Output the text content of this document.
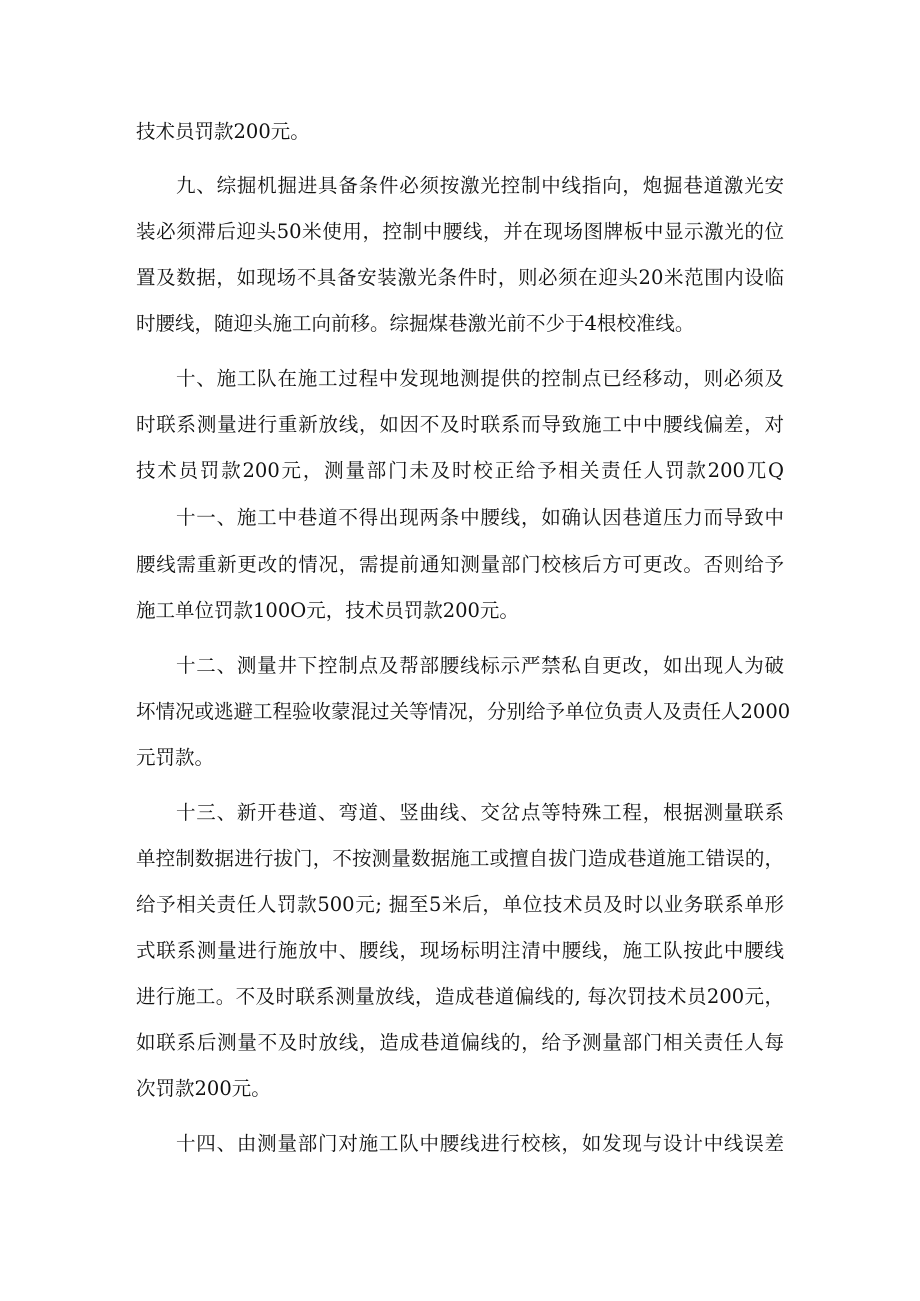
技术员罚款200元。
九、综掘机掘进具备条件必须按激光控制中线指向，炮掘巷道激光安
装必须滞后迎头50米使用，控制中腰线，并在现场图牌板中显示激光的位
置及数据，如现场不具备安装激光条件时，则必须在迎头20米范围内设临
时腰线，随迎头施工向前移。综掘煤巷激光前不少于4根校准线。
十、施工队在施工过程中发现地测提供的控制点已经移动，则必须及
时联系测量进行重新放线，如因不及时联系而导致施工中中腰线偏差，对
技术员罚款200元，测量部门未及时校正给予相关责任人罚款200兀Q
十一、施工中巷道不得出现两条中腰线，如确认因巷道压力而导致中
腰线需重新更改的情况，需提前通知测量部门校核后方可更改。否则给予
施工单位罚款100O元，技术员罚款200元。
十二、测量井下控制点及帮部腰线标示严禁私自更改，如出现人为破
坏情况或逃避工程验收蒙混过关等情况，分别给予单位负责人及责任人2000
元罚款。
十三、新开巷道、弯道、竖曲线、交岔点等特殊工程，根据测量联系
单控制数据进行拔门，不按测量数据施工或擅自拔门造成巷道施工错误的，
给予相关责任人罚款500元; 掘至5米后，单位技术员及时以业务联系单形
式联系测量进行施放中、腰线，现场标明注清中腰线，施工队按此中腰线
进行施工。不及时联系测量放线，造成巷道偏线的, 每次罚技术员200元，
如联系后测量不及时放线，造成巷道偏线的，给予测量部门相关责任人每
次罚款200元。
十四、由测量部门对施工队中腰线进行校核，如发现与设计中线误差
